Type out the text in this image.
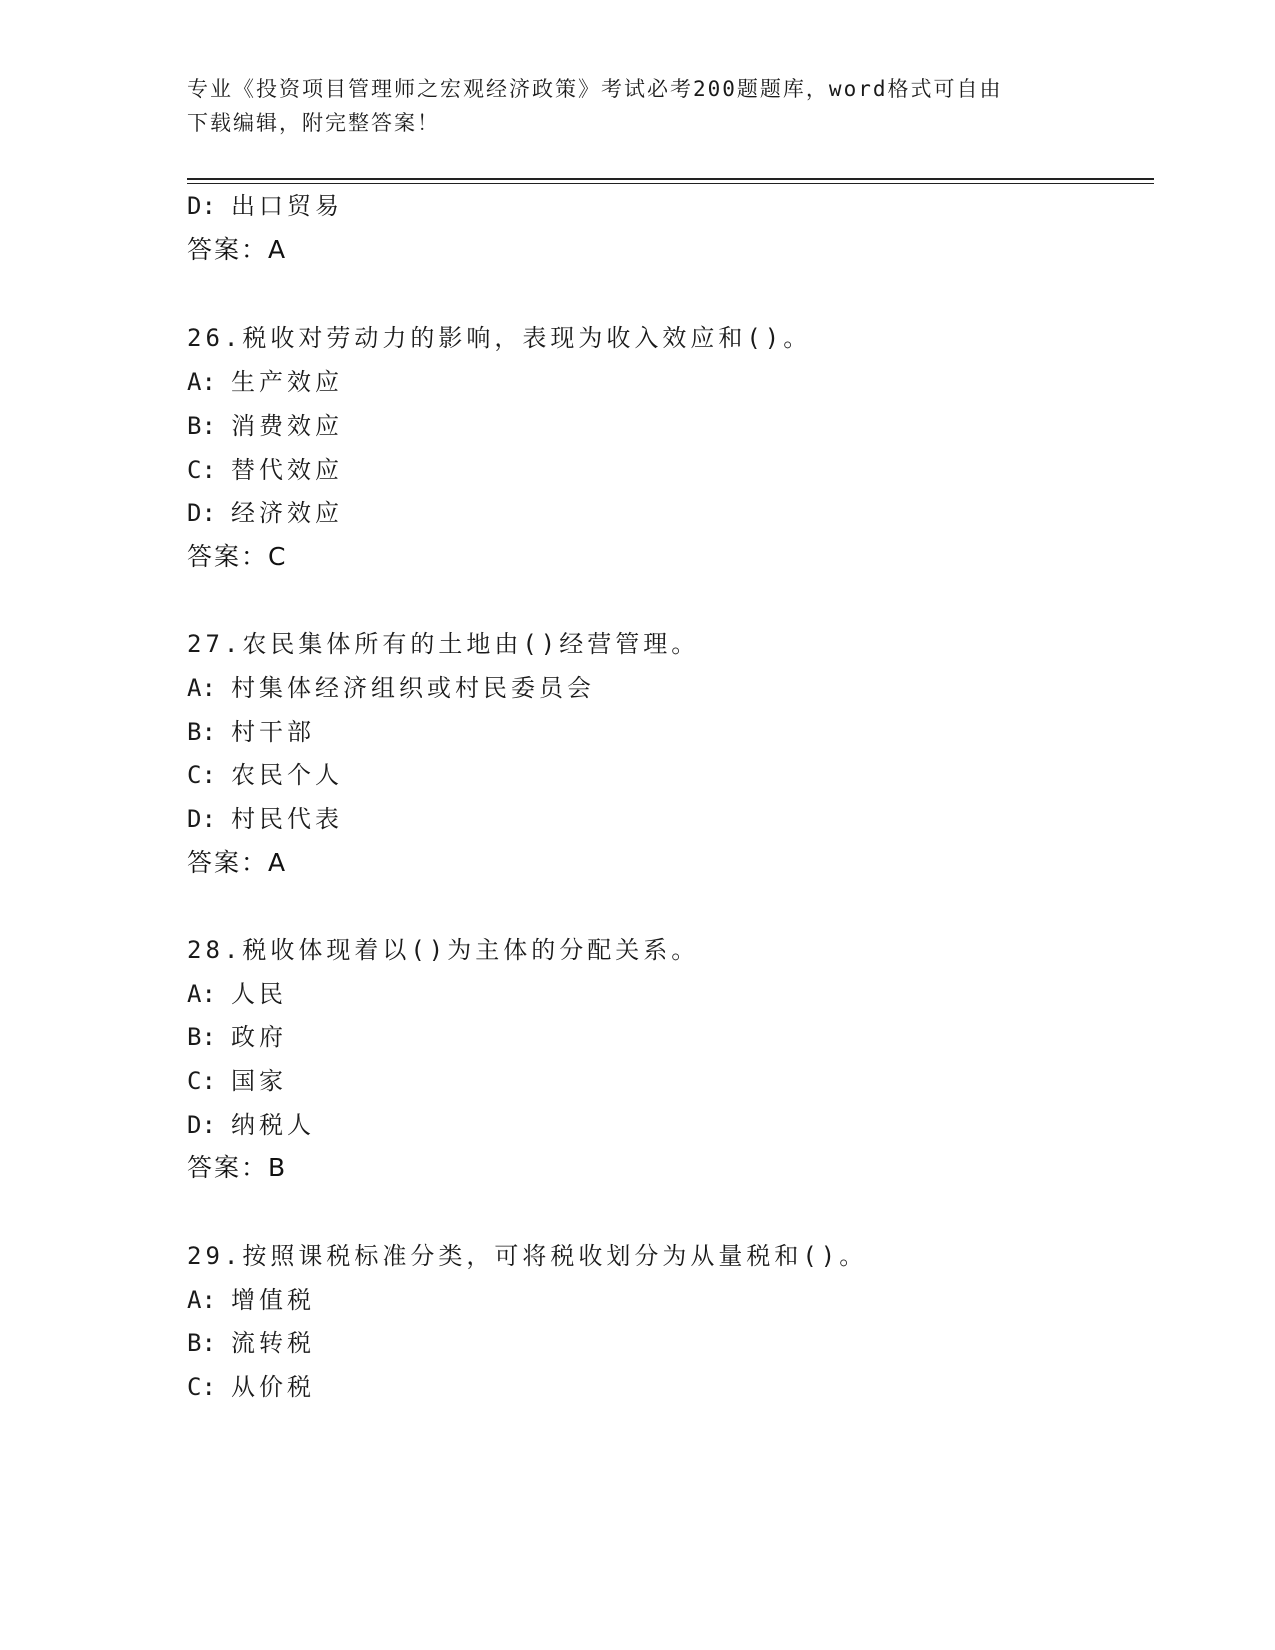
专业《投资项目管理师之宏观经济政策》考试必考200题题库，word格式可自由
下载编辑，附完整答案！
D: 出口贸易
答案：A
26.税收对劳动力的影响，表现为收入效应和()。
A: 生产效应
B: 消费效应
C: 替代效应
D: 经济效应
答案：C
27.农民集体所有的土地由()经营管理。
A: 村集体经济组织或村民委员会
B: 村干部
C: 农民个人
D: 村民代表
答案：A
28.税收体现着以()为主体的分配关系。
A: 人民
B: 政府
C: 国家
D: 纳税人
答案：B
29.按照课税标准分类，可将税收划分为从量税和()。
A: 增值税
B: 流转税
C: 从价税
